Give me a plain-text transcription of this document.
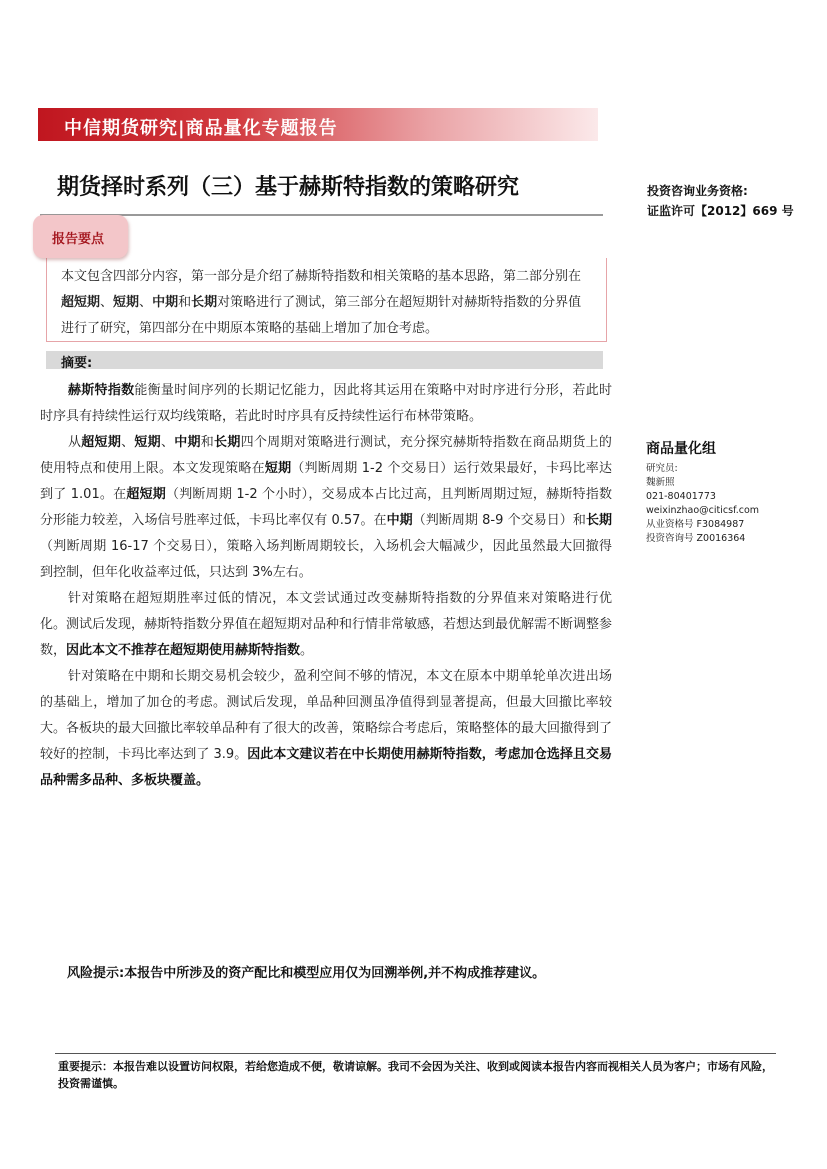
中信期货研究|商品量化专题报告
期货择时系列（三）基于赫斯特指数的策略研究	投资咨询业务资格:
证监许可【2012】669 号

本文包含四部分内容，第一部分是介绍了赫斯特指数和相关策略的基本思路，第二部分别在超短期、短期、中期和长期对策略进行了测试，第三部分在超短期针对赫斯特指数的分界值进行了研究，第四部分在中期原本策略的基础上增加了加仓考虑。

报告要点
摘要:

赫斯特指数能衡量时间序列的长期记忆能力，因此将其运用在策略中对时序进行分形，若此时时序具有持续性运行双均线策略，若此时时序具有反持续性运行布林带策略。

从超短期、短期、中期和长期四个周期对策略进行测试，充分探究赫斯特指数在商品期货上的使用特点和使用上限。本文发现策略在短期（判断周期 1-2 个交易日）运行效果最好，卡玛比率达到了 1.01。在超短期（判断周期 1-2 个小时），交易成本占比过高，且判断周期过短，赫斯特指数分形能力较差，入场信号胜率过低，卡玛比率仅有 0.57。在中期（判断周期 8-9 个交易日）和长期（判断周期 16-17 个交易日），策略入场判断周期较长，入场机会大幅减少，因此虽然最大回撤得到控制，但年化收益率过低，只达到 3%左右。

针对策略在超短期胜率过低的情况，本文尝试通过改变赫斯特指数的分界值来对策略进行优化。测试后发现，赫斯特指数分界值在超短期对品种和行情非常敏感，若想达到最优解需不断调整参数，因此本文不推荐在超短期使用赫斯特指数。

针对策略在中期和长期交易机会较少，盈利空间不够的情况，本文在原本中期单轮单次进出场的基础上，增加了加仓的考虑。测试后发现，单品种回测虽净值得到显著提高，但最大回撤比率较大。各板块的最大回撤比率较单品种有了很大的改善，策略综合考虑后，策略整体的最大回撤得到了较好的控制，卡玛比率达到了 3.9。因此本文建议若在中长期使用赫斯特指数，考虑加仓选择且交易品种需多品种、多板块覆盖。

风险提示:本报告中所涉及的资产配比和模型应用仅为回溯举例,并不构成推荐建议。
商品量化组
研究员:
魏新照
021-80401773
weixinzhao@citicsf.com
从业资格号 F3084987
投资咨询号 Z0016364
重要提示：本报告难以设置访问权限，若给您造成不便，敬请谅解。我司不会因为关注、收到或阅读本报告内容而视相关人员为客户；市场有风险，投资需谨慎。
